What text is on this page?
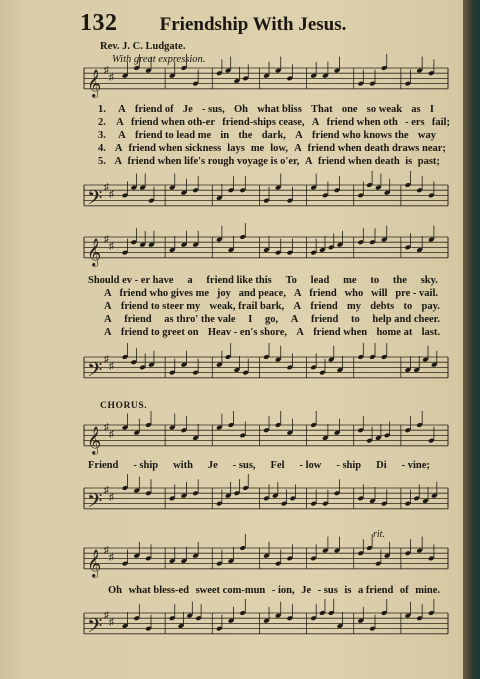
132	Friendship With Jesus.
Rev. J. C. Ludgate.
With great expression.
𝄞 ♯
♯
1. A friend of Je - sus, Oh what bliss That one so weak as I
2. A friend when oth-er friend-ships cease, A friend when oth - ers fail;
3. A friend to lead me in the dark, A friend who knows the way
4. A friend when sickness lays me low, A friend when death draws near;
5. A friend when life's rough voyage is o'er, A friend when death is past;
𝄢 ♯
♯
𝄞 ♯
♯
Should ev - er have a friend like this To lead me to the sky.
A friend who gives me joy and peace, A friend who will pre - vail.
A friend to steer my weak, frail bark, A friend my debts to pay.
A friend as thro' the vale I go, A friend to help and cheer.
A friend to greet on Heav - en's shore, A friend when home at last.
𝄢 ♯
♯
CHORUS.
𝄞 ♯
♯
Friend - ship with Je - sus, Fel - low - ship Di - vine;
𝄢 ♯
♯
rit.
𝄞 ♯
♯
Oh what bless-ed sweet com-mun - ion, Je - sus is a friend of mine.
𝄢 ♯
♯
